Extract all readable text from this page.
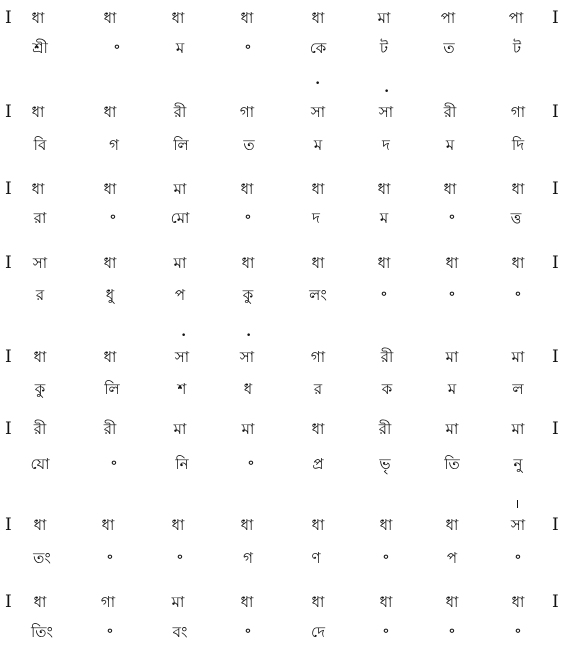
I	ধা	ধা	ধা	ধা	ধা	মা	পা	পা	I
শ্রী	॰	ম	॰	কে	ট	ত	ট
•
•
I	ধা	ধা	রী	গা	সা	সা	রী	গা	I
বি	গ	লি	ত	ম	দ	ম	দি
I	ধা	ধা	মা	ধা	ধা	ধা	ধা	ধা	I
রা	॰	মো	॰	দ	ম	॰	ত্ত
I	সা	ধা	মা	ধা	ধা	ধা	ধা	ধা	I
র	ধু	প	কু	লং	॰	॰	॰
•	•
I	ধা	ধা	সা	সা	গা	রী	মা	মা	I
কু	লি	শ	ধ	র	ক	ম	ল
I	রী	রী	মা	মা	ধা	রী	মা	মা	I
যো	॰	নি	॰	প্র	ভৃ	তি	নু
I	ধা	ধা	ধা	ধা	ধা	ধা	ধা	সা	I
তং	॰	॰	গ	ণ	॰	প	॰
I	ধা	গা	মা	ধা	ধা	ধা	ধা	ধা	I
তিং	॰	বং	॰	দে	॰	॰	॰
